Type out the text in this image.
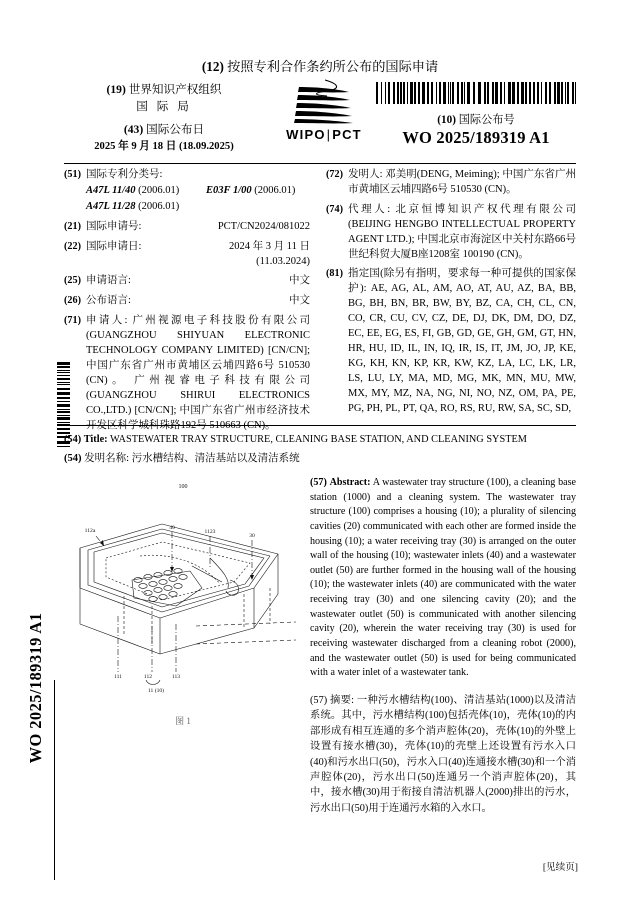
WO 2025/189319 A1
(12) 按照专利合作条约所公布的国际申请
(19) 世界知识产权组织
国 际 局
(43) 国际公布日
2025 年 9 月 18 日 (18.09.2025)
WIPO|PCT
(10) 国际公布号
WO 2025/189319 A1
(51) 国际专利分类号:
A47L 11/40 (2006.01)	E03F 1/00 (2006.01)
A47L 11/28 (2006.01)
(21) 国际申请号:	PCT/CN2024/081022
(22) 国际申请日:	2024 年 3 月 11 日 (11.03.2024)
(25) 申请语言:	中文
(26) 公布语言:	中文
(71) 申请人: 广州视源电子科技股份有限公司 (GUANGZHOU SHIYUAN ELECTRONIC TECHNOLOGY COMPANY LIMITED) [CN/CN]; 中国广东省广州市黄埔区云埔四路6号 510530 (CN)。 广州视睿电子科技有限公司 (GUANGZHOU SHIRUI ELECTRONICS CO.,LTD.) [CN/CN]; 中国广东省广州市经济技术开发区科学城科珠路192号 510663 (CN)。
(72) 发明人: 邓美明(DENG, Meiming); 中国广东省广州市黄埔区云埔四路6号 510530 (CN)。
(74) 代理人: 北京恒博知识产权代理有限公司 (BEIJING HENGBO INTELLECTUAL PROPERTY AGENT LTD.); 中国北京市海淀区中关村东路66号世纪科贸大厦B座1208室 100190 (CN)。
(81) 指定国(除另有指明，要求每一种可提供的国家保护): AE, AG, AL, AM, AO, AT, AU, AZ, BA, BB, BG, BH, BN, BR, BW, BY, BZ, CA, CH, CL, CN, CO, CR, CU, CV, CZ, DE, DJ, DK, DM, DO, DZ, EC, EE, EG, ES, FI, GB, GD, GE, GH, GM, GT, HN, HR, HU, ID, IL, IN, IQ, IR, IS, IT, JM, JO, JP, KE, KG, KH, KN, KP, KR, KW, KZ, LA, LC, LK, LR, LS, LU, LY, MA, MD, MG, MK, MN, MU, MW, MX, MY, MZ, NA, NG, NI, NO, NZ, OM, PA, PE, PG, PH, PL, PT, QA, RO, RS, RU, RW, SA, SC, SD,
(54) Title: WASTEWATER TRAY STRUCTURE, CLEANING BASE STATION, AND CLEANING SYSTEM
(54) 发明名称: 污水槽结构、清洁基站以及清洁系统
100
112a	40
1123
30
111	112	113
11 (10)
图 1
(57) Abstract: A wastewater tray structure (100), a cleaning base station (1000) and a cleaning system. The wastewater tray structure (100) comprises a housing (10); a plurality of silencing cavities (20) communicated with each other are formed inside the housing (10); a water receiving tray (30) is arranged on the outer wall of the housing (10); wastewater inlets (40) and a wastewater outlet (50) are further formed in the housing wall of the housing (10); the wastewater inlets (40) are communicated with the water receiving tray (30) and one silencing cavity (20); and the wastewater outlet (50) is communicated with another silencing cavity (20), wherein the water receiving tray (30) is used for receiving wastewater discharged from a cleaning robot (2000), and the wastewater outlet (50) is used for being communicated with a water inlet of a wastewater tank.
(57) 摘要: 一种污水槽结构(100)、清洁基站(1000)以及清洁系统。其中，污水槽结构(100)包括壳体(10)，壳体(10)的内部形成有相互连通的多个消声腔体(20)，壳体(10)的外壁上设置有接水槽(30)，壳体(10)的壳壁上还设置有污水入口(40)和污水出口(50)，污水入口(40)连通接水槽(30)和一个消声腔体(20)，污水出口(50)连通另一个消声腔体(20)，其中，接水槽(30)用于衔接自清洁机器人(2000)排出的污水，污水出口(50)用于连通污水箱的入水口。
[见续页]
